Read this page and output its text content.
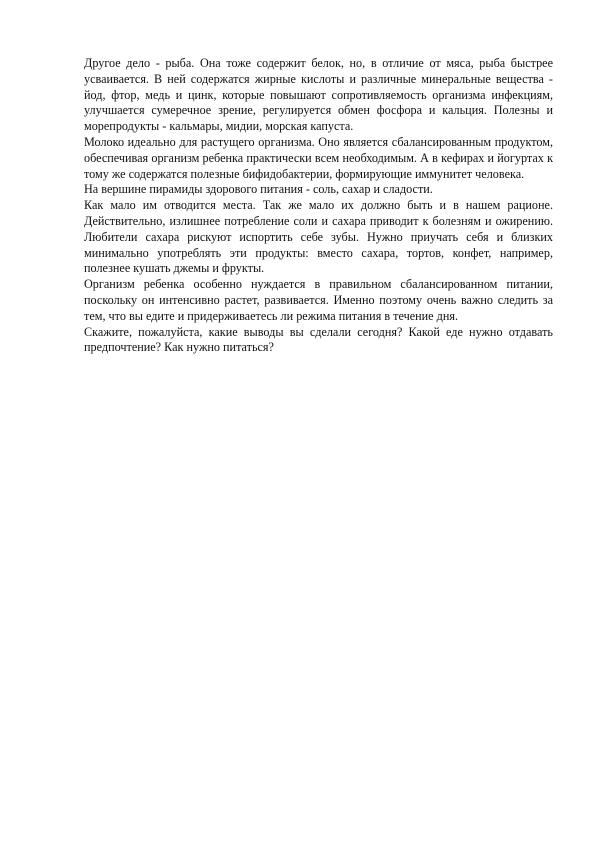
Другое дело - рыба. Она тоже содержит белок, но, в отличие от мяса, рыба быстрее усваивается. В ней содержатся жирные кислоты и различные минеральные вещества - йод, фтор, медь и цинк, которые повышают сопротивляемость организма инфекциям, улучшается сумеречное зрение, регулируется обмен фосфора и кальция. Полезны и морепродукты - кальмары, мидии, морская капуста.

Молоко идеально для растущего организма. Оно является сбалансированным продуктом, обеспечивая организм ребенка практически всем необходимым. А в кефирах и йогуртах к тому же содержатся полезные бифидобактерии, формирующие иммунитет человека.

На вершине пирамиды здорового питания - соль, сахар и сладости.

Как мало им отводится места. Так же мало их должно быть и в нашем рационе. Действительно, излишнее потребление соли и сахара приводит к болезням и ожирению. Любители сахара рискуют испортить себе зубы. Нужно приучать себя и близких минимально употреблять эти продукты: вместо сахара, тортов, конфет, например, полезнее кушать джемы и фрукты.

Организм ребенка особенно нуждается в правильном сбалансированном питании, поскольку он интенсивно растет, развивается. Именно поэтому очень важно следить за тем, что вы едите и придерживаетесь ли режима питания в течение дня.

Скажите, пожалуйста, какие выводы вы сделали сегодня? Какой еде нужно отдавать предпочтение? Как нужно питаться?
